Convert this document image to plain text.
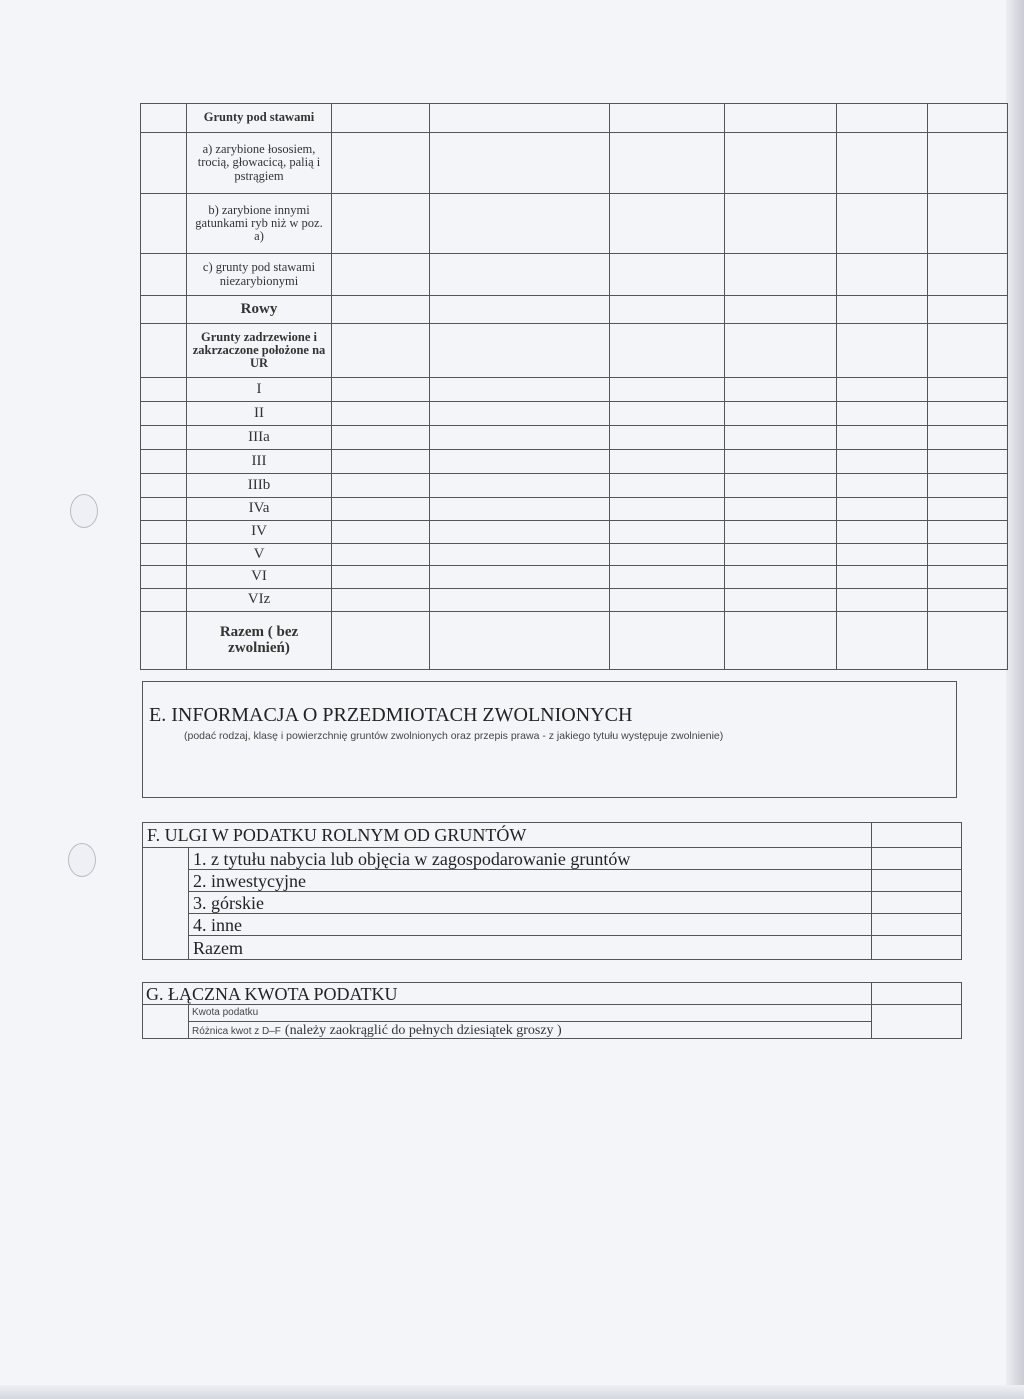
	Grunty pod stawami						
	a) zarybione łososiem, trocią, głowacicą, palią i pstrągiem						
	b) zarybione innymi gatunkami ryb niż w poz. a)						
	c) grunty pod stawami niezarybionymi						
	Rowy						
	Grunty zadrzewione i zakrzaczone położone na UR						
	I						
	II						
	IIIa						
	III						
	IIIb						
	IVa						
	IV						
	V						
	VI						
	VIz						
	Razem ( bez zwolnień)						
E. INFORMACJA O PRZEDMIOTACH ZWOLNIONYCH
(podać rodzaj, klasę i powierzchnię gruntów zwolnionych oraz przepis prawa - z jakiego tytułu występuje zwolnienie)
F. ULGI W PODATKU ROLNYM OD GRUNTÓW		
	1. z tytułu nabycia lub objęcia w zagospodarowanie gruntów	
	2. inwestycyjne	
	3. górskie	
	4. inne	
	Razem	
G. ŁĄCZNA KWOTA PODATKU		
	Kwota podatku	
	Różnica kwot z D–F (należy zaokrąglić do pełnych dziesiątek groszy )	
